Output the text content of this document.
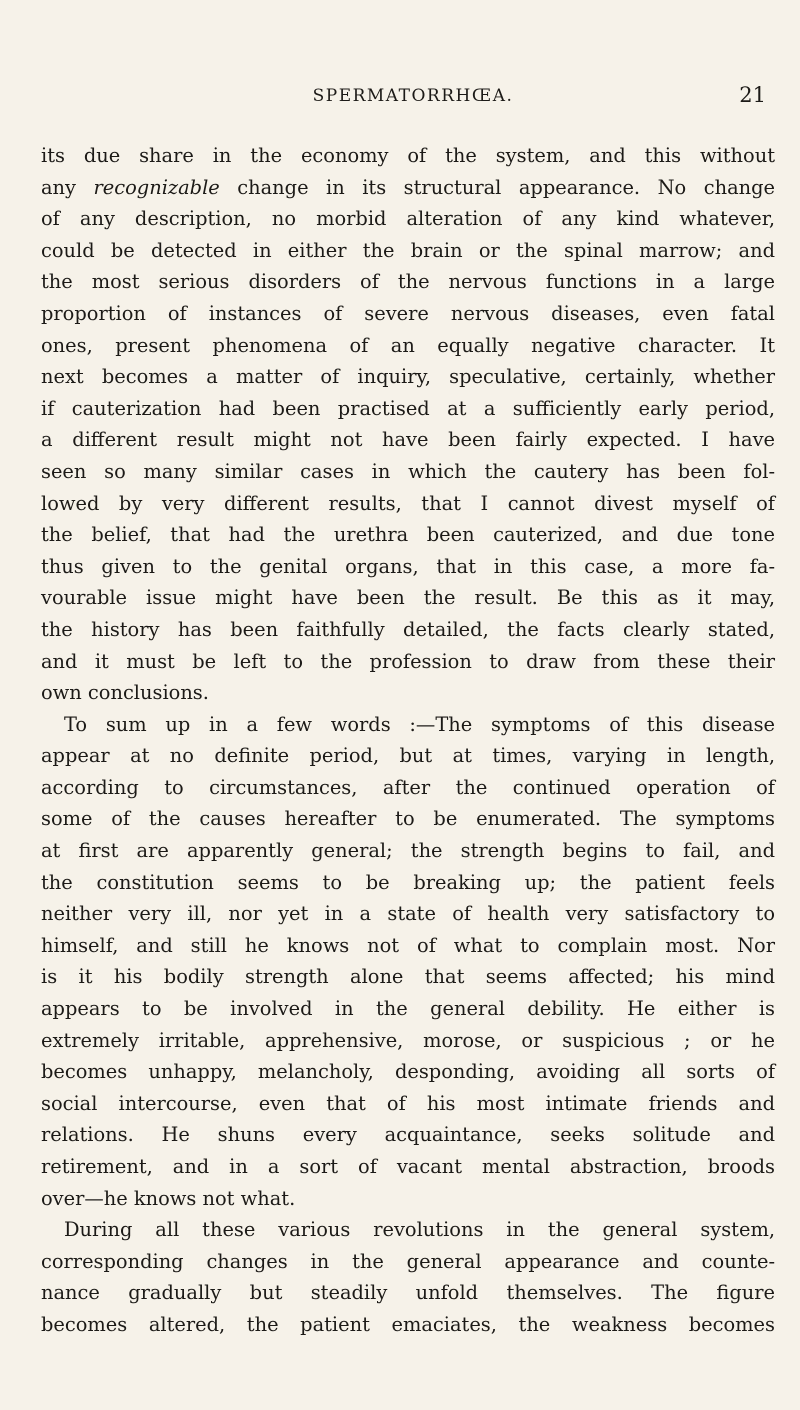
SPERMATORRHŒA.	21
its due share in the economy of the system, and this without
any recognizable change in its structural appearance. No change
of any description, no morbid alteration of any kind whatever,
could be detected in either the brain or the spinal marrow; and
the most serious disorders of the nervous functions in a large
proportion of instances of severe nervous diseases, even fatal
ones, present phenomena of an equally negative character. It
next becomes a matter of inquiry, speculative, certainly, whether
if cauterization had been practised at a sufficiently early period,
a different result might not have been fairly expected. I have
seen so many similar cases in which the cautery has been fol-
lowed by very different results, that I cannot divest myself of
the belief, that had the urethra been cauterized, and due tone
thus given to the genital organs, that in this case, a more fa-
vourable issue might have been the result. Be this as it may,
the history has been faithfully detailed, the facts clearly stated,
and it must be left to the profession to draw from these their
own conclusions.
To sum up in a few words :—The symptoms of this disease
appear at no definite period, but at times, varying in length,
according to circumstances, after the continued operation of
some of the causes hereafter to be enumerated. The symptoms
at first are apparently general; the strength begins to fail, and
the constitution seems to be breaking up; the patient feels
neither very ill, nor yet in a state of health very satisfactory to
himself, and still he knows not of what to complain most. Nor
is it his bodily strength alone that seems affected; his mind
appears to be involved in the general debility. He either is
extremely irritable, apprehensive, morose, or suspicious ; or he
becomes unhappy, melancholy, desponding, avoiding all sorts of
social intercourse, even that of his most intimate friends and
relations. He shuns every acquaintance, seeks solitude and
retirement, and in a sort of vacant mental abstraction, broods
over—he knows not what.
During all these various revolutions in the general system,
corresponding changes in the general appearance and counte-
nance gradually but steadily unfold themselves. The figure
becomes altered, the patient emaciates, the weakness becomes
